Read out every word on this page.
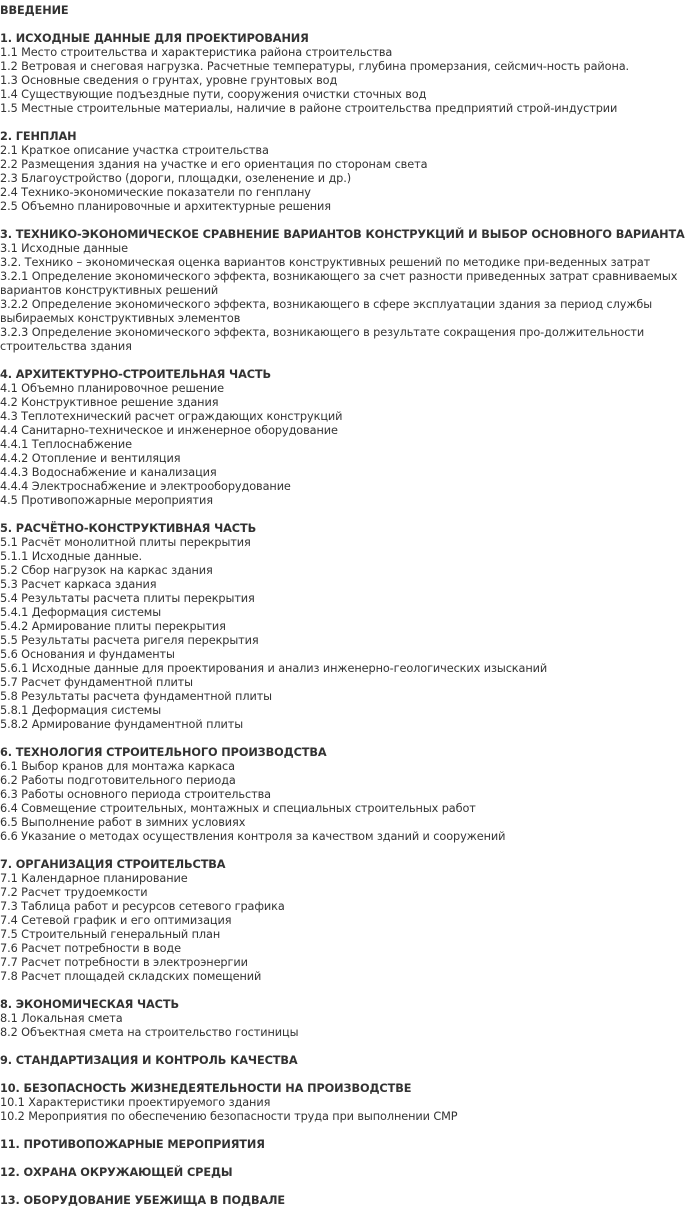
ВВЕДЕНИЕ
1. ИСХОДНЫЕ ДАННЫЕ ДЛЯ ПРОЕКТИРОВАНИЯ
1.1 Место строительства и характеристика района строительства
1.2 Ветровая и снеговая нагрузка. Расчетные температуры, глубина промерзания, сейсмич-ность района.
1.3 Основные сведения о грунтах, уровне грунтовых вод
1.4 Существующие подъездные пути, сооружения очистки сточных вод
1.5 Местные строительные материалы, наличие в районе строительства предприятий строй-индустрии
2. ГЕНПЛАН
2.1 Краткое описание участка строительства
2.2 Размещения здания на участке и его ориентация по сторонам света
2.3 Благоустройство (дороги, площадки, озеленение и др.)
2.4 Технико-экономические показатели по генплану
2.5 Объемно планировочные и архитектурные решения
3. ТЕХНИКО-ЭКОНОМИЧЕСКОЕ СРАВНЕНИЕ ВАРИАНТОВ КОНСТРУКЦИЙ И ВЫБОР ОСНОВНОГО ВАРИАНТА
3.1 Исходные данные
3.2. Технико – экономическая оценка вариантов конструктивных решений по методике при-веденных затрат
3.2.1 Определение экономического эффекта, возникающего за счет разности приведенных затрат сравниваемых вариантов конструктивных решений
3.2.2 Определение экономического эффекта, возникающего в сфере эксплуатации здания за период службы выбираемых конструктивных элементов
3.2.3 Определение экономического эффекта, возникающего в результате сокращения про-должительности строительства здания
4. АРХИТЕКТУРНО-СТРОИТЕЛЬНАЯ ЧАСТЬ
4.1 Объемно планировочное решение
4.2 Конструктивное решение здания
4.3 Теплотехнический расчет ограждающих конструкций
4.4 Санитарно-техническое и инженерное оборудование
4.4.1 Теплоснабжение
4.4.2 Отопление и вентиляция
4.4.3 Водоснабжение и канализация
4.4.4 Электроснабжение и электрооборудование
4.5 Противопожарные мероприятия
5. РАСЧЁТНО-КОНСТРУКТИВНАЯ ЧАСТЬ
5.1 Расчёт монолитной плиты перекрытия
5.1.1 Исходные данные.
5.2 Сбор нагрузок на каркас здания
5.3 Расчет каркаса здания
5.4 Результаты расчета плиты перекрытия
5.4.1 Деформация системы
5.4.2 Армирование плиты перекрытия
5.5 Результаты расчета ригеля перекрытия
5.6 Основания и фундаменты
5.6.1 Исходные данные для проектирования и анализ инженерно-геологических изысканий
5.7 Расчет фундаментной плиты
5.8 Результаты расчета фундаментной плиты
5.8.1 Деформация системы
5.8.2 Армирование фундаментной плиты
6. ТЕХНОЛОГИЯ СТРОИТЕЛЬНОГО ПРОИЗВОДСТВА
6.1 Выбор кранов для монтажа каркаса
6.2 Работы подготовительного периода
6.3 Работы основного периода строительства
6.4 Совмещение строительных, монтажных и специальных строительных работ
6.5 Выполнение работ в зимних условиях
6.6 Указание о методах осуществления контроля за качеством зданий и сооружений
7. ОРГАНИЗАЦИЯ СТРОИТЕЛЬСТВА
7.1 Календарное планирование
7.2 Расчет трудоемкости
7.3 Таблица работ и ресурсов сетевого графика
7.4 Сетевой график и его оптимизация
7.5 Строительный генеральный план
7.6 Расчет потребности в воде
7.7 Расчет потребности в электроэнергии
7.8 Расчет площадей складских помещений
8. ЭКОНОМИЧЕСКАЯ ЧАСТЬ
8.1 Локальная смета
8.2 Объектная смета на строительство гостиницы
9. СТАНДАРТИЗАЦИЯ И КОНТРОЛЬ КАЧЕСТВА
10. БЕЗОПАСНОСТЬ ЖИЗНЕДЕЯТЕЛЬНОСТИ НА ПРОИЗВОДСТВЕ
10.1 Характеристики проектируемого здания
10.2 Мероприятия по обеспечению безопасности труда при выполнении СМР
11. ПРОТИВОПОЖАРНЫЕ МЕРОПРИЯТИЯ
12. ОХРАНА ОКРУЖАЮЩЕЙ СРЕДЫ
13. ОБОРУДОВАНИЕ УБЕЖИЩА В ПОДВАЛЕ
